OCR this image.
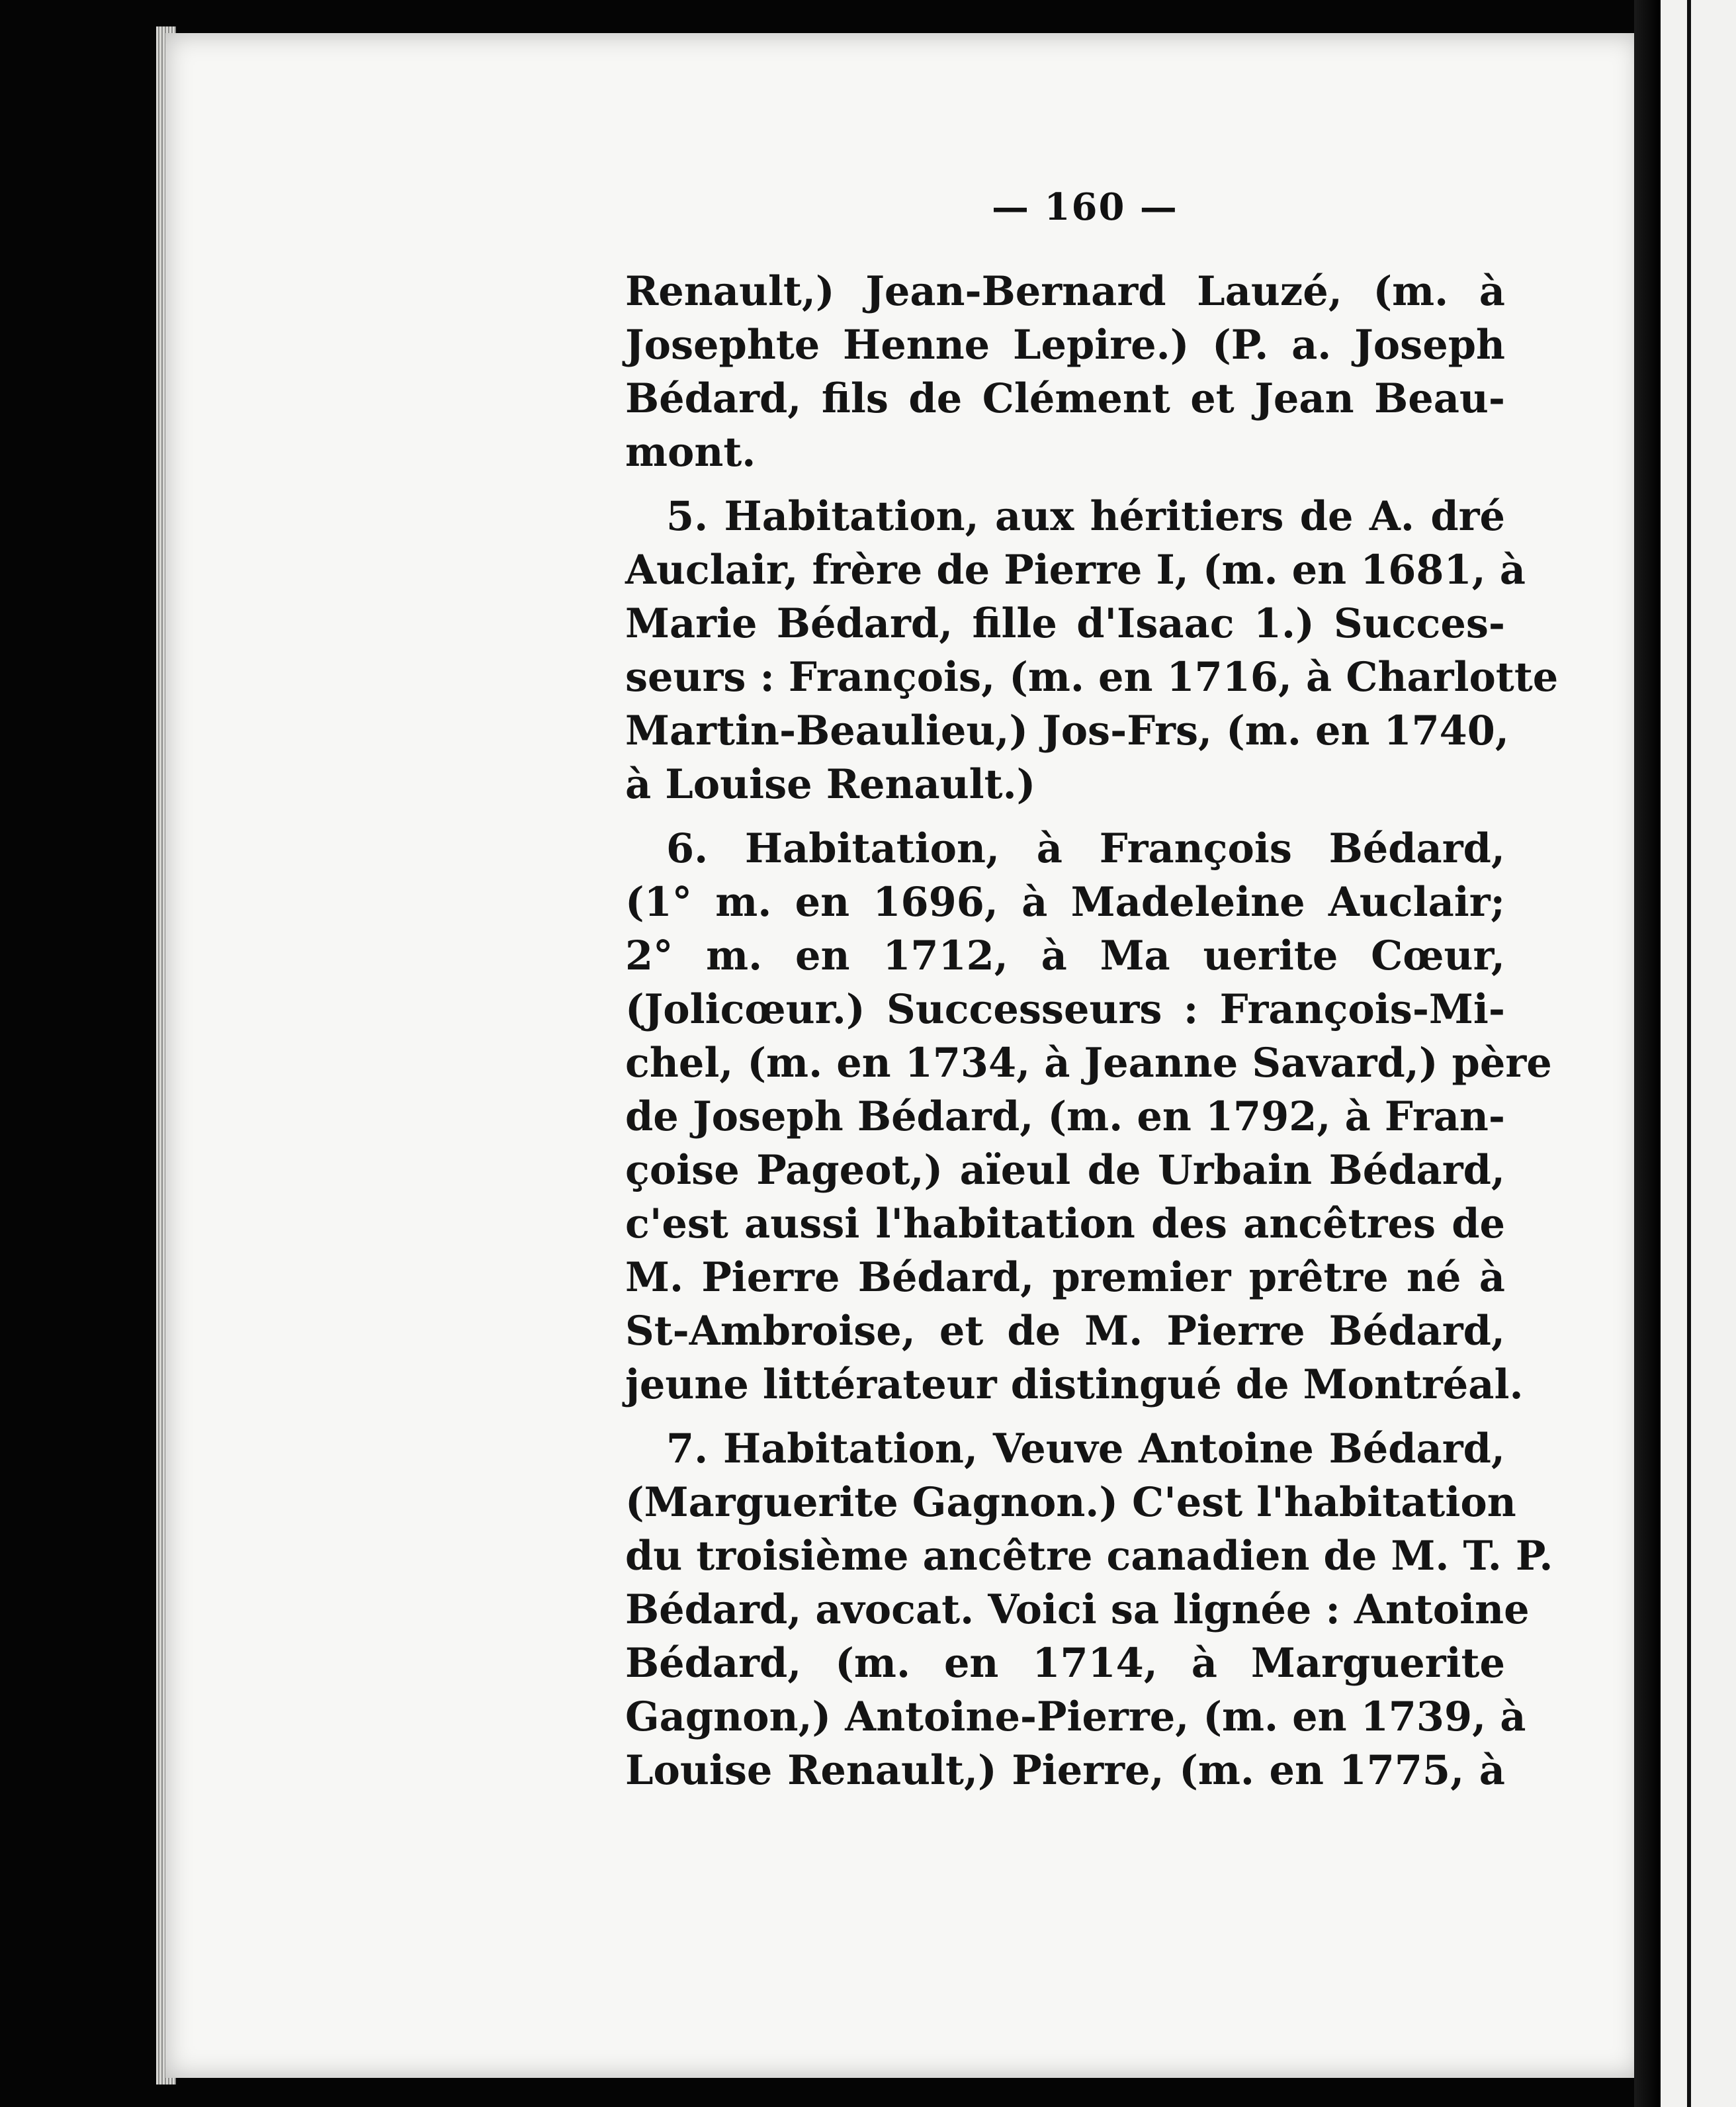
— 160 —
Renault,) Jean-Bernard Lauzé, (m. à
Josephte Henne Lepire.) (P. a. Joseph
Bédard, fils de Clément et Jean Beau-
mont.
5. Habitation, aux héritiers de A. dré
Auclair, frère de Pierre I, (m. en 1681, à
Marie Bédard, fille d'Isaac 1.) Succes-
seurs : François, (m. en 1716, à Charlotte
Martin-Beaulieu,) Jos-Frs, (m. en 1740,
à Louise Renault.)
6. Habitation, à François Bédard,
(1° m. en 1696, à Madeleine Auclair;
2° m. en 1712, à Ma uerite Cœur,
(Jolicœur.) Successeurs : François-Mi-
chel, (m. en 1734, à Jeanne Savard,) père
de Joseph Bédard, (m. en 1792, à Fran-
çoise Pageot,) aïeul de Urbain Bédard,
c'est aussi l'habitation des ancêtres de
M. Pierre Bédard, premier prêtre né à
St-Ambroise, et de M. Pierre Bédard,
jeune littérateur distingué de Montréal.
7. Habitation, Veuve Antoine Bédard,
(Marguerite Gagnon.) C'est l'habitation
du troisième ancêtre canadien de M. T. P.
Bédard, avocat. Voici sa lignée : Antoine
Bédard, (m. en 1714, à Marguerite
Gagnon,) Antoine-Pierre, (m. en 1739, à
Louise Renault,) Pierre, (m. en 1775, à
